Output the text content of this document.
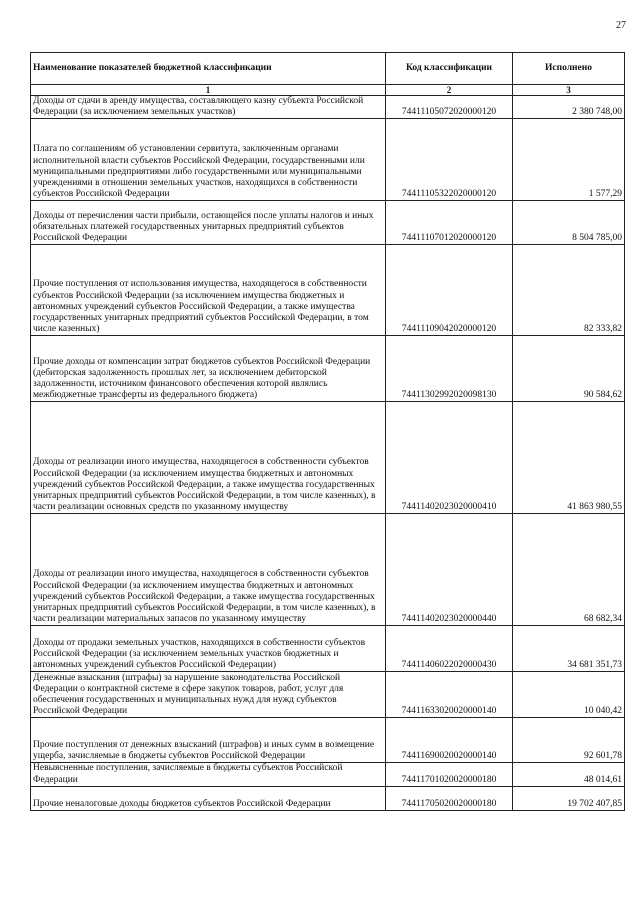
27
Наименование показателей бюджетной классификации	Код классификации	Исполнено
1	2	3
Доходы от сдачи в аренду имущества, составляющего казну субъекта Российской Федерации (за исключением земельных участков)	74411105072020000120	2 380 748,00
Плата по соглашениям об установлении сервитута, заключенным органами исполнительной власти субъектов Российской Федерации, государственными или муниципальными предприятиями либо государственными или муниципальными учреждениями в отношении земельных участков, находящихся в собственности субъектов Российской Федерации	74411105322020000120	1 577,29
Доходы от перечисления части прибыли, остающейся после уплаты налогов и иных обязательных платежей государственных унитарных предприятий субъектов Российской Федерации	74411107012020000120	8 504 785,00
Прочие поступления от использования имущества, находящегося в собственности субъектов Российской Федерации (за исключением имущества бюджетных и автономных учреждений субъектов Российской Федерации, а также имущества государственных унитарных предприятий субъектов Российской Федерации, в том числе казенных)	74411109042020000120	82 333,82
Прочие доходы от компенсации затрат бюджетов субъектов Российской Федерации (дебиторская задолженность прошлых лет, за исключением дебиторской задолженности, источником финансового обеспечения которой являлись межбюджетные трансферты из федерального бюджета)	74411302992020098130	90 584,62
Доходы от реализации иного имущества, находящегося в собственности субъектов Российской Федерации (за исключением имущества бюджетных и автономных учреждений субъектов Российской Федерации, а также имущества государственных унитарных предприятий субъектов Российской Федерации, в том числе казенных), в части реализации основных средств по указанному имуществу	74411402023020000410	41 863 980,55
Доходы от реализации иного имущества, находящегося в собственности субъектов Российской Федерации (за исключением имущества бюджетных и автономных учреждений субъектов Российской Федерации, а также имущества государственных унитарных предприятий субъектов Российской Федерации, в том числе казенных), в части реализации материальных запасов по указанному имуществу	74411402023020000440	68 682,34
Доходы от продажи земельных участков, находящихся в собственности субъектов Российской Федерации (за исключением земельных участков бюджетных и автономных учреждений субъектов Российской Федерации)	74411406022020000430	34 681 351,73
Денежные взыскания (штрафы) за нарушение законодательства Российской Федерации о контрактной системе в сфере закупок товаров, работ, услуг для обеспечения государственных и муниципальных нужд для нужд субъектов Российской Федерации	74411633020020000140	10 040,42
Прочие поступления от денежных взысканий (штрафов) и иных сумм в возмещение ущерба, зачисляемые в бюджеты субъектов Российской Федерации	74411690020020000140	92 601,78
Невыясненные поступления, зачисляемые в бюджеты субъектов Российской Федерации	74411701020020000180	48 014,61
Прочие неналоговые доходы бюджетов субъектов Российской Федерации	74411705020020000180	19 702 407,85
